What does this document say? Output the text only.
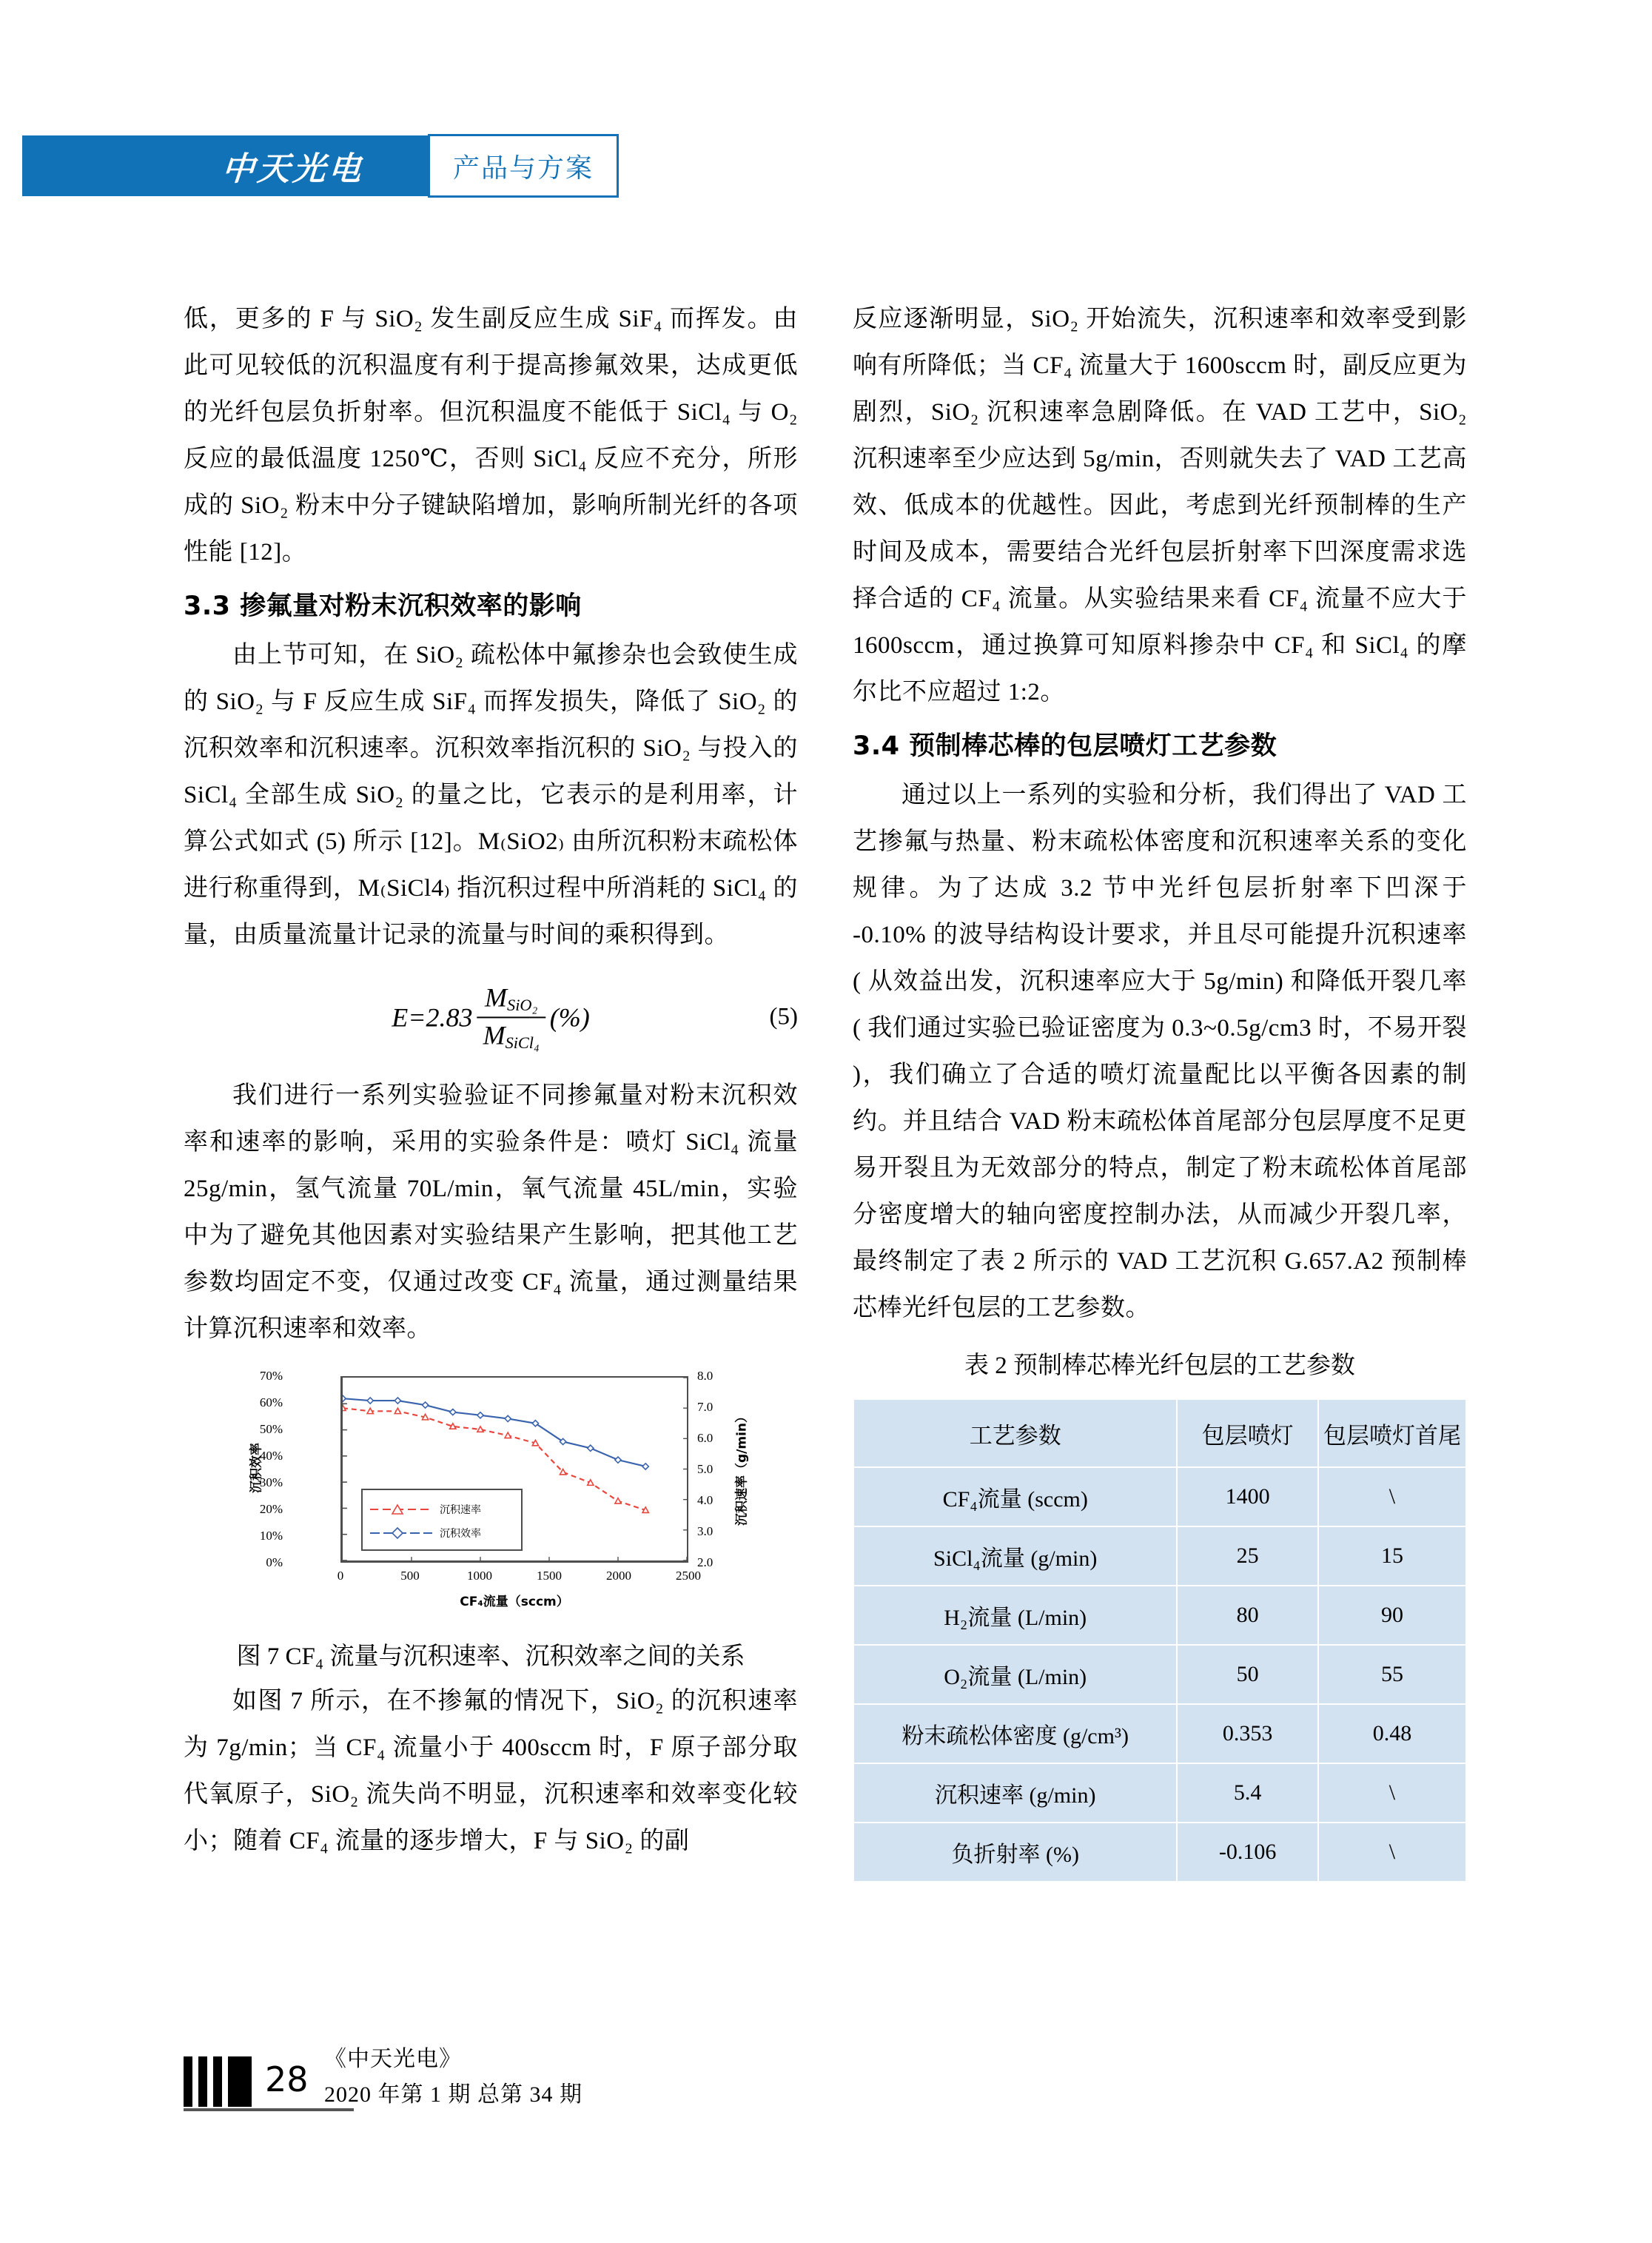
中天光电	产品与方案

低，更多的 F 与 SiO₂ 发生副反应生成 SiF₄ 而挥发。由此可见较低的沉积温度有利于提高掺氟效果，达成更低的光纤包层负折射率。但沉积温度不能低于 SiCl₄ 与 O₂ 反应的最低温度 1250℃，否则 SiCl₄ 反应不充分，所形成的 SiO₂ 粉末中分子键缺陷增加，影响所制光纤的各项性能 [12]。

3.3 掺氟量对粉末沉积效率的影响

由上节可知，在 SiO₂ 疏松体中氟掺杂也会致使生成的 SiO₂ 与 F 反应生成 SiF₄ 而挥发损失，降低了 SiO₂ 的沉积效率和沉积速率。沉积效率指沉积的 SiO₂ 与投入的 SiCl₄ 全部生成 SiO₂ 的量之比，它表示的是利用率，计算公式如式 (5) 所示 [12]。M₍SiO2₎ 由所沉积粉末疏松体进行称重得到，M₍SiCl4₎ 指沉积过程中所消耗的 SiCl₄ 的量，由质量流量计记录的流量与时间的乘积得到。

$E=2.83 \frac{M_{SiO_2}}{M_{SiCl_4}}$ (%)	(5)

我们进行一系列实验验证不同掺氟量对粉末沉积效率和速率的影响，采用的实验条件是：喷灯 SiCl₄ 流量 25g/min，氢气流量 70L/min，氧气流量 45L/min，实验中为了避免其他因素对实验结果产生影响，把其他工艺参数均固定不变，仅通过改变 CF₄ 流量，通过测量结果计算沉积速率和效率。

沉积效率	沉积速率（g/min）
70%
60%
50%
40%
30%
20%
10%
0%
8.0
7.0
6.0
5.0
4.0
3.0
2.0
0	500	1000	1500	2000	2500
沉积速率
沉积效率
CF₄流量（sccm）

图 7 CF₄ 流量与沉积速率、沉积效率之间的关系

如图 7 所示，在不掺氟的情况下，SiO₂ 的沉积速率为 7g/min；当 CF₄ 流量小于 400sccm 时，F 原子部分取代氧原子，SiO₂ 流失尚不明显，沉积速率和效率变化较小；随着 CF₄ 流量的逐步增大，F 与 SiO₂ 的副

反应逐渐明显，SiO₂ 开始流失，沉积速率和效率受到影响有所降低；当 CF₄ 流量大于 1600sccm 时，副反应更为剧烈，SiO₂ 沉积速率急剧降低。在 VAD 工艺中，SiO₂ 沉积速率至少应达到 5g/min，否则就失去了 VAD 工艺高效、低成本的优越性。因此，考虑到光纤预制棒的生产时间及成本，需要结合光纤包层折射率下凹深度需求选择合适的 CF₄ 流量。从实验结果来看 CF₄ 流量不应大于 1600sccm，通过换算可知原料掺杂中 CF₄ 和 SiCl₄ 的摩尔比不应超过 1:2。

3.4 预制棒芯棒的包层喷灯工艺参数

通过以上一系列的实验和分析，我们得出了 VAD 工艺掺氟与热量、粉末疏松体密度和沉积速率关系的变化规律。为了达成 3.2 节中光纤包层折射率下凹深于 -0.10% 的波导结构设计要求，并且尽可能提升沉积速率 ( 从效益出发，沉积速率应大于 5g/min) 和降低开裂几率 ( 我们通过实验已验证密度为 0.3~0.5g/cm3 时，不易开裂 )，我们确立了合适的喷灯流量配比以平衡各因素的制约。并且结合 VAD 粉末疏松体首尾部分包层厚度不足更易开裂且为无效部分的特点，制定了粉末疏松体首尾部分密度增大的轴向密度控制办法，从而减少开裂几率，最终制定了表 2 所示的 VAD 工艺沉积 G.657.A2 预制棒芯棒光纤包层的工艺参数。

表 2 预制棒芯棒光纤包层的工艺参数

工艺参数	包层喷灯	包层喷灯首尾
CF₄流量 (sccm)	1400	\
SiCl₄流量 (g/min)	25	15
H₂流量 (L/min)	80	90
O₂流量 (L/min)	50	55
粉末疏松体密度 (g/cm³)	0.353	0.48
沉积速率 (g/min)	5.4	\
负折射率 (%)	-0.106	\
28
《中天光电》
2020 年第 1 期 总第 34 期
